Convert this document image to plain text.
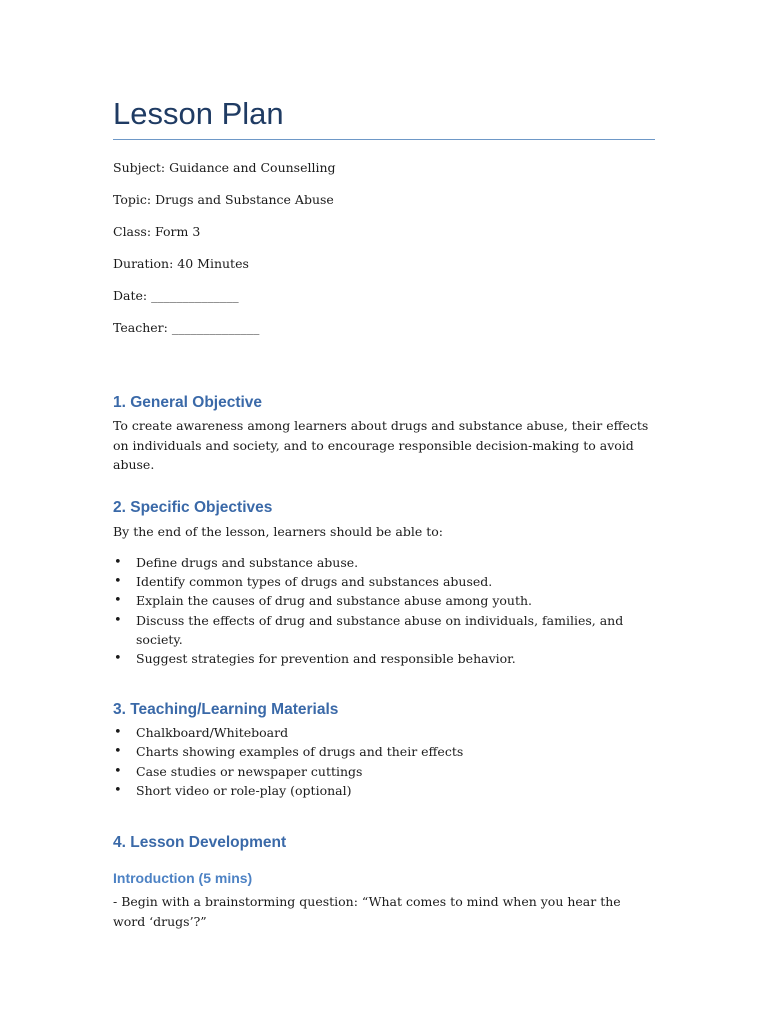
Lesson Plan

Subject: Guidance and Counselling

Topic: Drugs and Substance Abuse

Class: Form 3

Duration: 40 Minutes

Date: ______________

Teacher: ______________

1. General Objective

To create awareness among learners about drugs and substance abuse, their effects on individuals and society, and to encourage responsible decision-making to avoid abuse.

2. Specific Objectives

By the end of the lesson, learners should be able to:

• Define drugs and substance abuse.
• Identify common types of drugs and substances abused.
• Explain the causes of drug and substance abuse among youth.
• Discuss the effects of drug and substance abuse on individuals, families, and society.
• Suggest strategies for prevention and responsible behavior.
3. Teaching/Learning Materials
• Chalkboard/Whiteboard
• Charts showing examples of drugs and their effects
• Case studies or newspaper cuttings
• Short video or role-play (optional)
4. Lesson Development
Introduction (5 mins)

- Begin with a brainstorming question: “What comes to mind when you hear the word ‘drugs’?”
